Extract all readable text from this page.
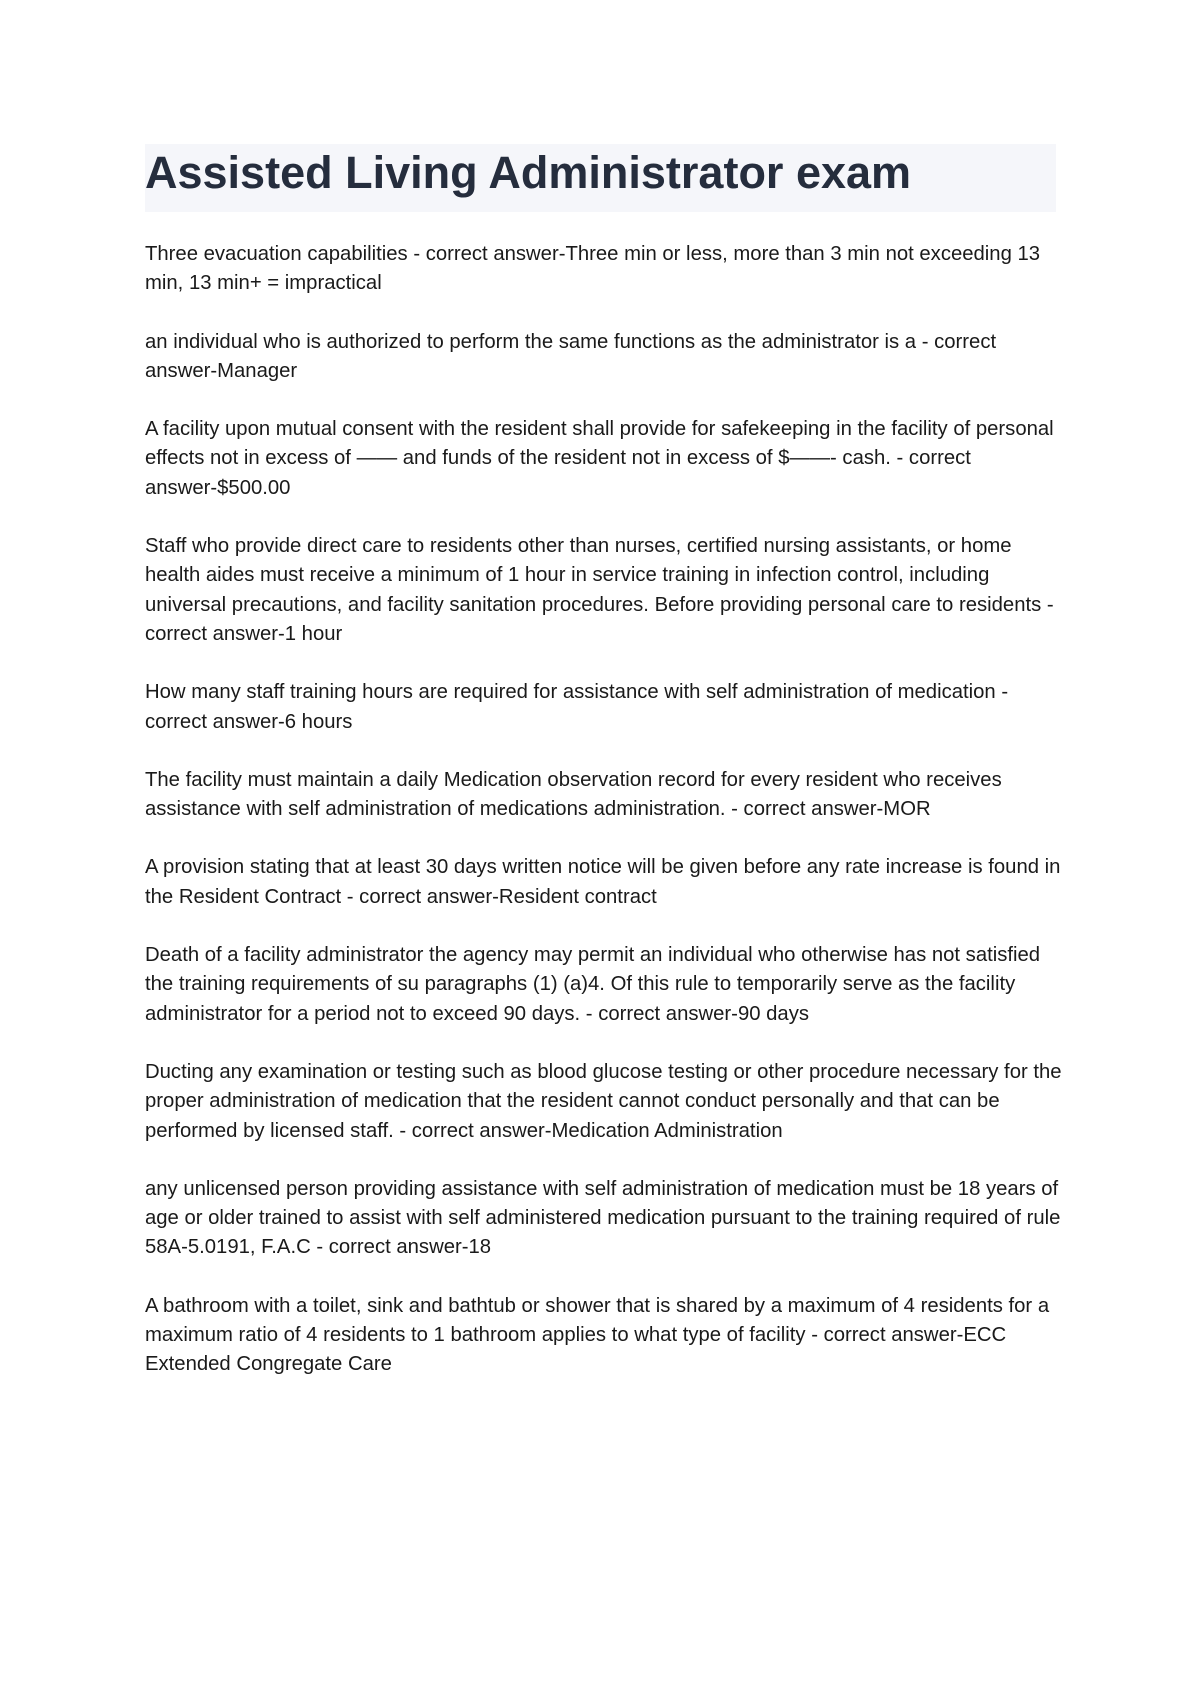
Assisted Living Administrator exam

Three evacuation capabilities - correct answer-Three min or less, more than 3 min not exceeding 13 min, 13 min+ = impractical

an individual who is authorized to perform the same functions as the administrator is a - correct answer-Manager

A facility upon mutual consent with the resident shall provide for safekeeping in the facility of personal effects not in excess of —— and funds of the resident not in excess of $——- cash. - correct answer-$500.00

Staff who provide direct care to residents other than nurses, certified nursing assistants, or home health aides must receive a minimum of 1 hour in service training in infection control, including universal precautions, and facility sanitation procedures. Before providing personal care to residents - correct answer-1 hour

How many staff training hours are required for assistance with self administration of medication - correct answer-6 hours

The facility must maintain a daily Medication observation record for every resident who receives assistance with self administration of medications administration. - correct answer-MOR

A provision stating that at least 30 days written notice will be given before any rate increase is found in the Resident Contract - correct answer-Resident contract

Death of a facility administrator the agency may permit an individual who otherwise has not satisfied the training requirements of su paragraphs (1) (a)4. Of this rule to temporarily serve as the facility administrator for a period not to exceed 90 days. - correct answer-90 days

Ducting any examination or testing such as blood glucose testing or other procedure necessary for the proper administration of medication that the resident cannot conduct personally and that can be performed by licensed staff. - correct answer-Medication Administration

any unlicensed person providing assistance with self administration of medication must be 18 years of age or older trained to assist with self administered medication pursuant to the training required of rule 58A-5.0191, F.A.C - correct answer-18

A bathroom with a toilet, sink and bathtub or shower that is shared by a maximum of 4 residents for a maximum ratio of 4 residents to 1 bathroom applies to what type of facility - correct answer-ECC Extended Congregate Care
